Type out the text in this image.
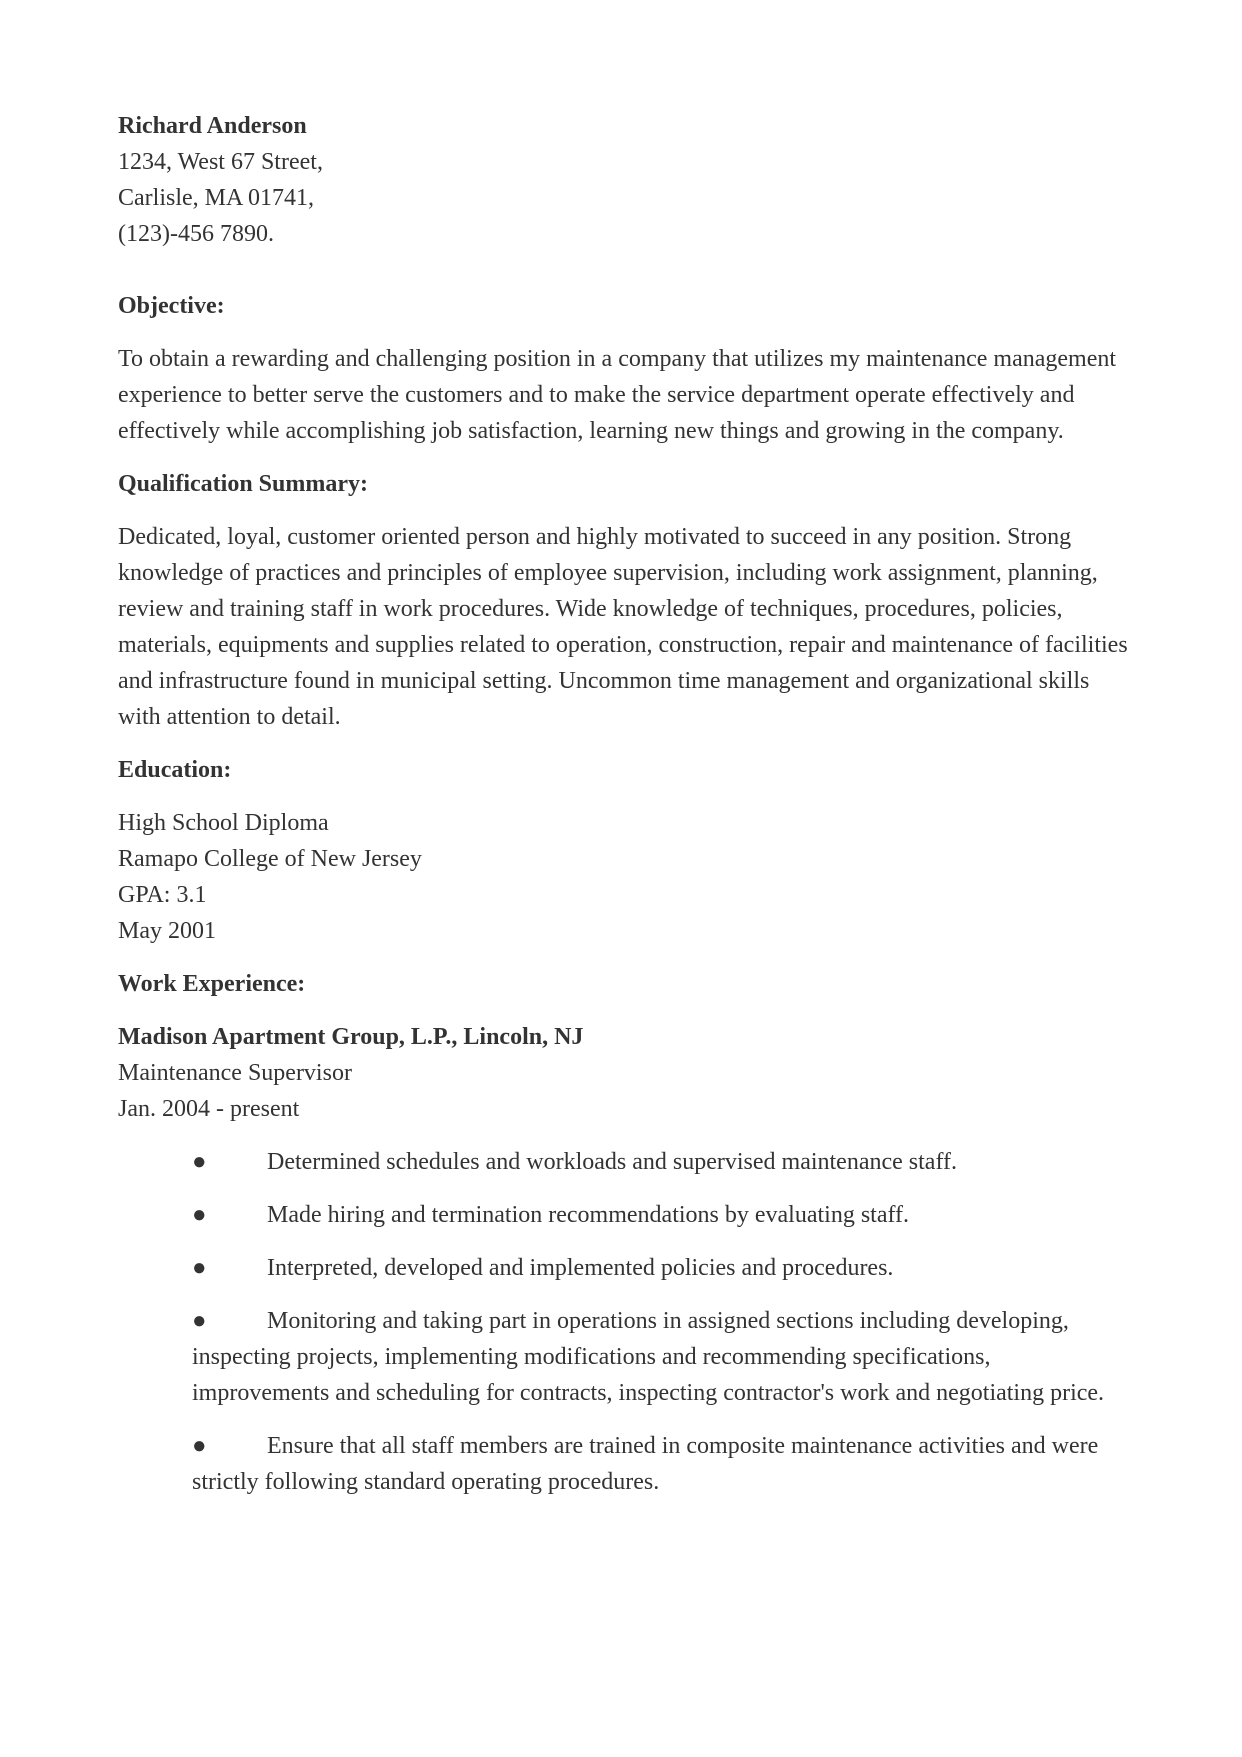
Richard Anderson

1234, West 67 Street,

Carlisle, MA 01741,

(123)-456 7890.

Objective:

To obtain a rewarding and challenging position in a company that utilizes my maintenance management experience to better serve the customers and to make the service department operate effectively and effectively while accomplishing job satisfaction, learning new things and growing in the company.

Qualification Summary:

Dedicated, loyal, customer oriented person and highly motivated to succeed in any position. Strong knowledge of practices and principles of employee supervision, including work assignment, planning, review and training staff in work procedures. Wide knowledge of techniques, procedures, policies, materials, equipments and supplies related to operation, construction, repair and maintenance of facilities and infrastructure found in municipal setting. Uncommon time management and organizational skills with attention to detail.

Education:

High School Diploma

Ramapo College of New Jersey

GPA: 3.1

May 2001

Work Experience:

Madison Apartment Group, L.P., Lincoln, NJ

Maintenance Supervisor

Jan. 2004 - present

●	Determined schedules and workloads and supervised maintenance staff.
●	Made hiring and termination recommendations by evaluating staff.
●	Interpreted, developed and implemented policies and procedures.
●	Monitoring and taking part in operations in assigned sections including developing, inspecting projects, implementing modifications and recommending specifications, improvements and scheduling for contracts, inspecting contractor's work and negotiating price.
●	Ensure that all staff members are trained in composite maintenance activities and were strictly following standard operating procedures.
